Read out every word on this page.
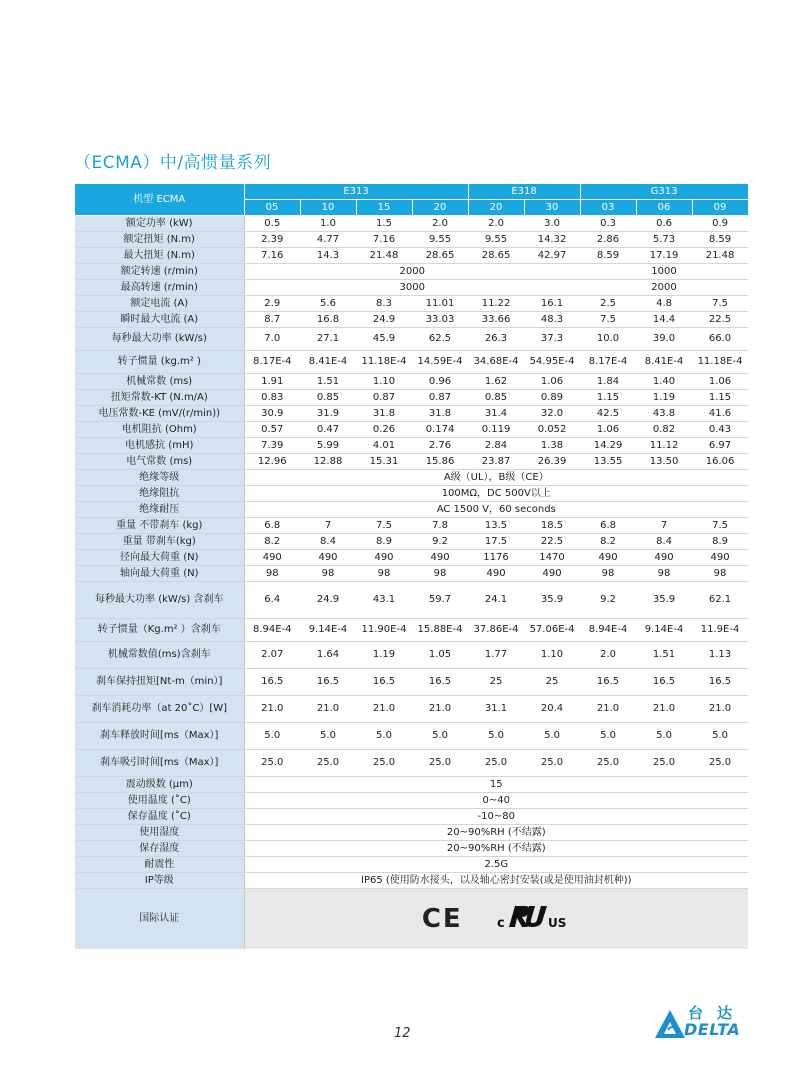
（ECMA）中/高惯量系列
机型 ECMA	E313				E318		G313		
	05	10	15	20	20	30	03	06	09
额定功率 (kW)	0.5	1.0	1.5	2.0	2.0	3.0	0.3	0.6	0.9
额定扭矩 (N.m)	2.39	4.77	7.16	9.55	9.55	14.32	2.86	5.73	8.59
最大扭矩 (N.m)	7.16	14.3	21.48	28.65	28.65	42.97	8.59	17.19	21.48
额定转速 (r/min)	2000						1000		
最高转速 (r/min)	3000						2000		
额定电流 (A)	2.9	5.6	8.3	11.01	11.22	16.1	2.5	4.8	7.5
瞬时最大电流 (A)	8.7	16.8	24.9	33.03	33.66	48.3	7.5	14.4	22.5
每秒最大功率 (kW/s)	7.0	27.1	45.9	62.5	26.3	37.3	10.0	39.0	66.0
转子惯量 (kg.m² )	8.17E-4	8.41E-4	11.18E-4	14.59E-4	34.68E-4	54.95E-4	8.17E-4	8.41E-4	11.18E-4
机械常数 (ms)	1.91	1.51	1.10	0.96	1.62	1.06	1.84	1.40	1.06
扭矩常数-KT (N.m/A)	0.83	0.85	0.87	0.87	0.85	0.89	1.15	1.19	1.15
电压常数-KE (mV/(r/min))	30.9	31.9	31.8	31.8	31.4	32.0	42.5	43.8	41.6
电机阻抗 (Ohm)	0.57	0.47	0.26	0.174	0.119	0.052	1.06	0.82	0.43
电机感抗 (mH)	7.39	5.99	4.01	2.76	2.84	1.38	14.29	11.12	6.97
电气常数 (ms)	12.96	12.88	15.31	15.86	23.87	26.39	13.55	13.50	16.06
绝缘等级	A级（UL），B级（CE）								
绝缘阻抗	100MΩ，DC 500V以上								
绝缘耐压	AC 1500 V，60 seconds								
重量 不带刹车 (kg)	6.8	7	7.5	7.8	13.5	18.5	6.8	7	7.5
重量 带刹车(kg)	8.2	8.4	8.9	9.2	17.5	22.5	8.2	8.4	8.9
径向最大荷重 (N)	490	490	490	490	1176	1470	490	490	490
轴向最大荷重 (N)	98	98	98	98	490	490	98	98	98
每秒最大功率 (kW/s) 含刹车	6.4	24.9	43.1	59.7	24.1	35.9	9.2	35.9	62.1
转子惯量（Kg.m² ）含刹车	8.94E-4	9.14E-4	11.90E-4	15.88E-4	37.86E-4	57.06E-4	8.94E-4	9.14E-4	11.9E-4
机械常数值(ms)含刹车	2.07	1.64	1.19	1.05	1.77	1.10	2.0	1.51	1.13
刹车保持扭矩[Nt-m（min）]	16.5	16.5	16.5	16.5	25	25	16.5	16.5	16.5
刹车消耗功率（at 20˚C）[W]	21.0	21.0	21.0	21.0	31.1	20.4	21.0	21.0	21.0
刹车释放时间[ms（Max）]	5.0	5.0	5.0	5.0	5.0	5.0	5.0	5.0	5.0
刹车吸引时间[ms（Max）]	25.0	25.0	25.0	25.0	25.0	25.0	25.0	25.0	25.0
震动级数 (µm)	15								
使用温度 (˚C)	0~40								
保存温度 (˚C)	-10~80								
使用湿度	20~90%RH (不结露)								
保存湿度	20~90%RH (不结露)								
耐震性	2.5G								
IP等级	IP65 (使用防水接头，以及轴心密封安装(或是使用油封机种))								
国际认证	CE c US								
12
台达
DELTA
